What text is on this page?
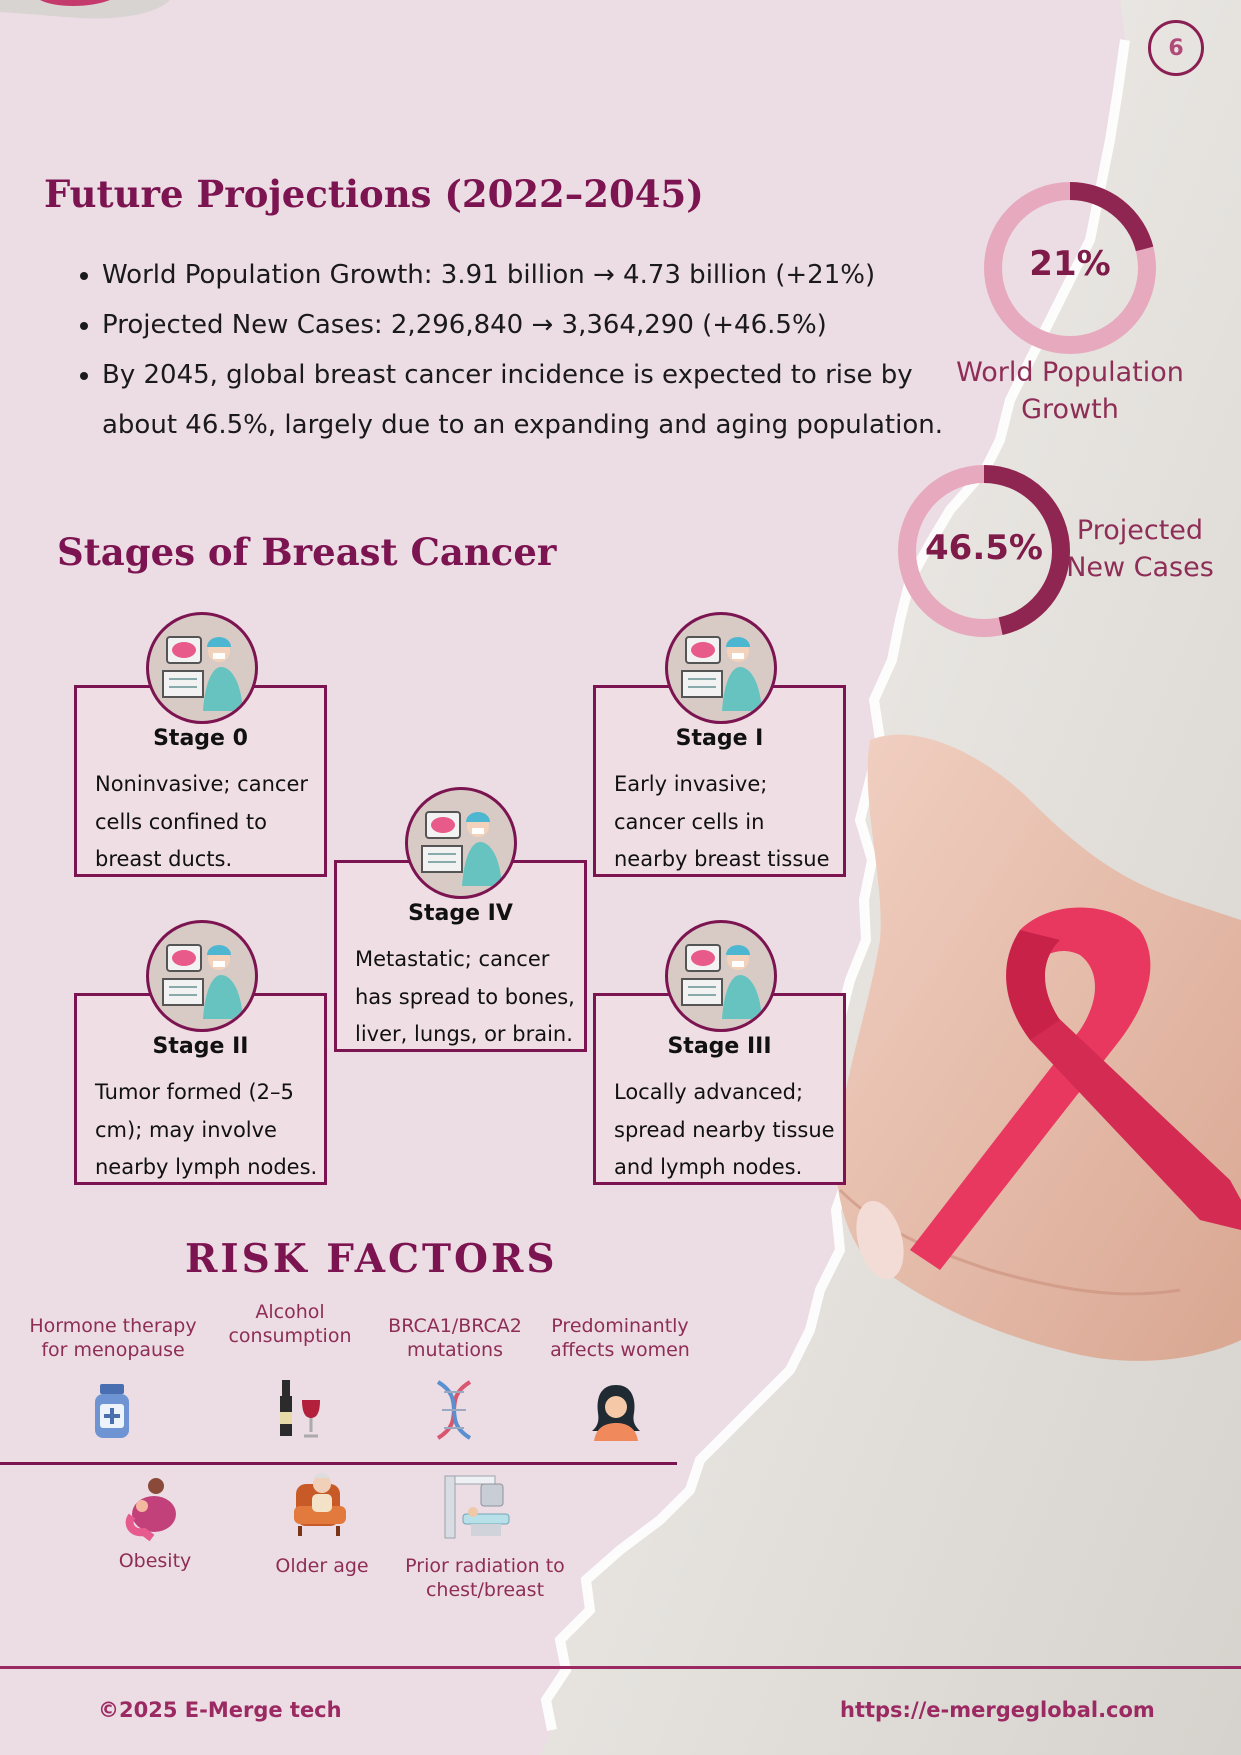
6
Future Projections (2022–2045)
• World Population Growth: 3.91 billion → 4.73 billion (+21%)
• Projected New Cases: 2,296,840 → 3,364,290 (+46.5%)
• By 2045, global breast cancer incidence is expected to rise by about 46.5%, largely due to an expanding and aging population.
21%
World Population
Growth
46.5%	Projected
New Cases
Stages of Breast Cancer
Stage 0
Noninvasive; cancer cells confined to breast ducts.
Stage I
Early invasive; cancer cells in nearby breast tissue
Stage IV
Metastatic; cancer has spread to bones, liver, lungs, or brain.
Stage II
Tumor formed (2–5 cm); may involve nearby lymph nodes.
Stage III
Locally advanced; spread nearby tissue and lymph nodes.
RISK FACTORS
Hormone therapy for menopause
Alcohol consumption	BRCA1/BRCA2 mutations
Predominantly affects women
Obesity	Older age	Prior radiation to chest/breast
©2025 E-Merge tech	https://e-mergeglobal.com
